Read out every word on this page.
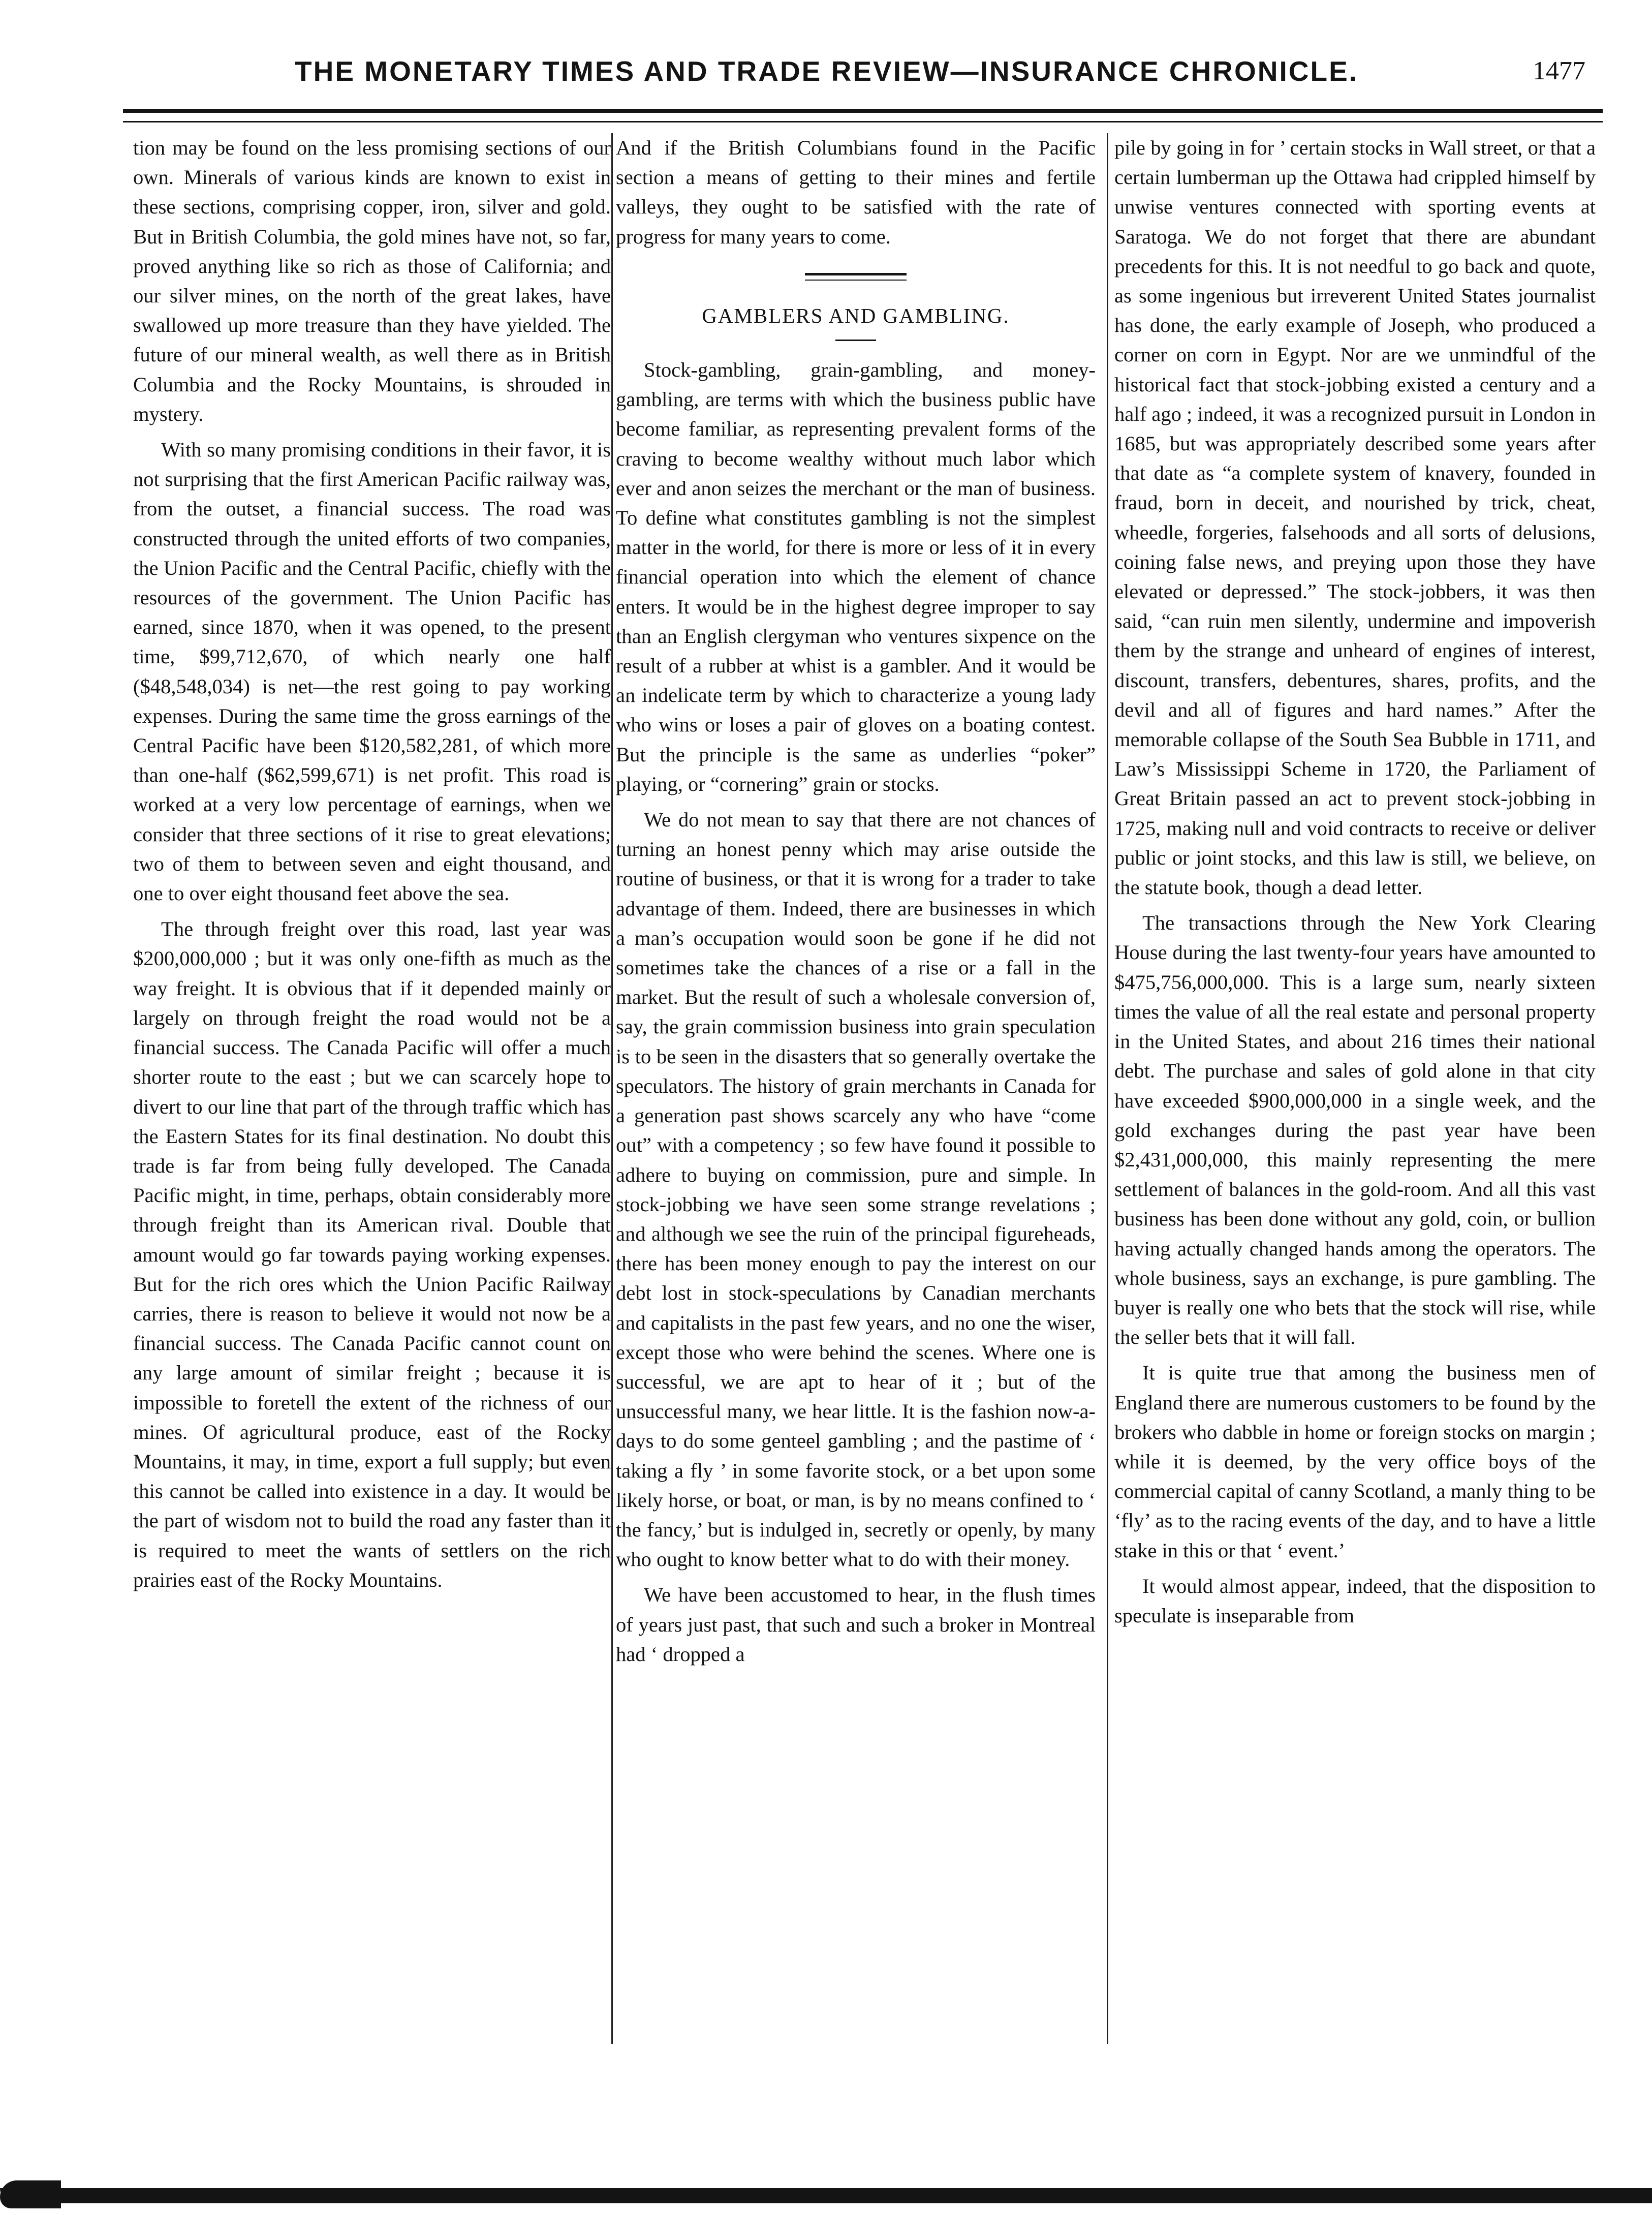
THE MONETARY TIMES AND TRADE REVIEW—INSURANCE CHRONICLE.	1477

tion may be found on the less promising sections of our own. Minerals of various kinds are known to exist in these sections, comprising copper, iron, silver and gold. But in British Columbia, the gold mines have not, so far, proved anything like so rich as those of California; and our silver mines, on the north of the great lakes, have swallowed up more treasure than they have yielded. The future of our mineral wealth, as well there as in British Columbia and the Rocky Mountains, is shrouded in mystery.

With so many promising conditions in their favor, it is not surprising that the first American Pacific railway was, from the outset, a financial success. The road was constructed through the united efforts of two companies, the Union Pacific and the Central Pacific, chiefly with the resources of the government. The Union Pacific has earned, since 1870, when it was opened, to the present time, $99,712,670, of which nearly one half ($48,548,034) is net—the rest going to pay working expenses. During the same time the gross earnings of the Central Pacific have been $120,582,281, of which more than one-half ($62,599,671) is net profit. This road is worked at a very low percentage of earnings, when we consider that three sections of it rise to great elevations; two of them to between seven and eight thousand, and one to over eight thousand feet above the sea.

The through freight over this road, last year was $200,000,000 ; but it was only one-fifth as much as the way freight. It is obvious that if it depended mainly or largely on through freight the road would not be a financial success. The Canada Pacific will offer a much shorter route to the east ; but we can scarcely hope to divert to our line that part of the through traffic which has the Eastern States for its final destination. No doubt this trade is far from being fully developed. The Canada Pacific might, in time, perhaps, obtain considerably more through freight than its American rival. Double that amount would go far towards paying working expenses. But for the rich ores which the Union Pacific Railway carries, there is reason to believe it would not now be a financial success. The Canada Pacific cannot count on any large amount of similar freight ; because it is impossible to foretell the extent of the richness of our mines. Of agricultural produce, east of the Rocky Mountains, it may, in time, export a full supply; but even this cannot be called into existence in a day. It would be the part of wisdom not to build the road any faster than it is required to meet the wants of settlers on the rich prairies east of the Rocky Mountains.

And if the British Columbians found in the Pacific section a means of getting to their mines and fertile valleys, they ought to be satisfied with the rate of progress for many years to come.

GAMBLERS AND GAMBLING.

Stock-gambling, grain-gambling, and money-gambling, are terms with which the business public have become familiar, as representing prevalent forms of the craving to become wealthy without much labor which ever and anon seizes the merchant or the man of business. To define what constitutes gambling is not the simplest matter in the world, for there is more or less of it in every financial operation into which the element of chance enters. It would be in the highest degree improper to say than an English clergyman who ventures sixpence on the result of a rubber at whist is a gambler. And it would be an indelicate term by which to characterize a young lady who wins or loses a pair of gloves on a boating contest. But the principle is the same as underlies “poker” playing, or “cornering” grain or stocks.

We do not mean to say that there are not chances of turning an honest penny which may arise outside the routine of business, or that it is wrong for a trader to take advantage of them. Indeed, there are businesses in which a man’s occupation would soon be gone if he did not sometimes take the chances of a rise or a fall in the market. But the result of such a wholesale conversion of, say, the grain commission business into grain speculation is to be seen in the disasters that so generally overtake the speculators. The history of grain merchants in Canada for a generation past shows scarcely any who have “come out” with a competency ; so few have found it possible to adhere to buying on commission, pure and simple. In stock-jobbing we have seen some strange revelations ; and although we see the ruin of the principal figureheads, there has been money enough to pay the interest on our debt lost in stock-speculations by Canadian merchants and capitalists in the past few years, and no one the wiser, except those who were behind the scenes. Where one is successful, we are apt to hear of it ; but of the unsuccessful many, we hear little. It is the fashion now-a-days to do some genteel gambling ; and the pastime of ‘ taking a fly ’ in some favorite stock, or a bet upon some likely horse, or boat, or man, is by no means confined to ‘ the fancy,’ but is indulged in, secretly or openly, by many who ought to know better what to do with their money.

We have been accustomed to hear, in the flush times of years just past, that such and such a broker in Montreal had ‘ dropped a

pile by going in for ’ certain stocks in Wall street, or that a certain lumberman up the Ottawa had crippled himself by unwise ventures connected with sporting events at Saratoga. We do not forget that there are abundant precedents for this. It is not needful to go back and quote, as some ingenious but irreverent United States journalist has done, the early example of Joseph, who produced a corner on corn in Egypt. Nor are we unmindful of the historical fact that stock-jobbing existed a century and a half ago ; indeed, it was a recognized pursuit in London in 1685, but was appropriately described some years after that date as “a complete system of knavery, founded in fraud, born in deceit, and nourished by trick, cheat, wheedle, forgeries, falsehoods and all sorts of delusions, coining false news, and preying upon those they have elevated or depressed.” The stock-jobbers, it was then said, “can ruin men silently, undermine and impoverish them by the strange and unheard of engines of interest, discount, transfers, debentures, shares, profits, and the devil and all of figures and hard names.” After the memorable collapse of the South Sea Bubble in 1711, and Law’s Mississippi Scheme in 1720, the Parliament of Great Britain passed an act to prevent stock-jobbing in 1725, making null and void contracts to receive or deliver public or joint stocks, and this law is still, we believe, on the statute book, though a dead letter.

The transactions through the New York Clearing House during the last twenty-four years have amounted to $475,756,000,000. This is a large sum, nearly sixteen times the value of all the real estate and personal property in the United States, and about 216 times their national debt. The purchase and sales of gold alone in that city have exceeded $900,000,000 in a single week, and the gold exchanges during the past year have been $2,431,000,000, this mainly representing the mere settlement of balances in the gold-room. And all this vast business has been done without any gold, coin, or bullion having actually changed hands among the operators. The whole business, says an exchange, is pure gambling. The buyer is really one who bets that the stock will rise, while the seller bets that it will fall.

It is quite true that among the business men of England there are numerous customers to be found by the brokers who dabble in home or foreign stocks on margin ; while it is deemed, by the very office boys of the commercial capital of canny Scotland, a manly thing to be ‘fly’ as to the racing events of the day, and to have a little stake in this or that ‘ event.’

It would almost appear, indeed, that the disposition to speculate is inseparable from
